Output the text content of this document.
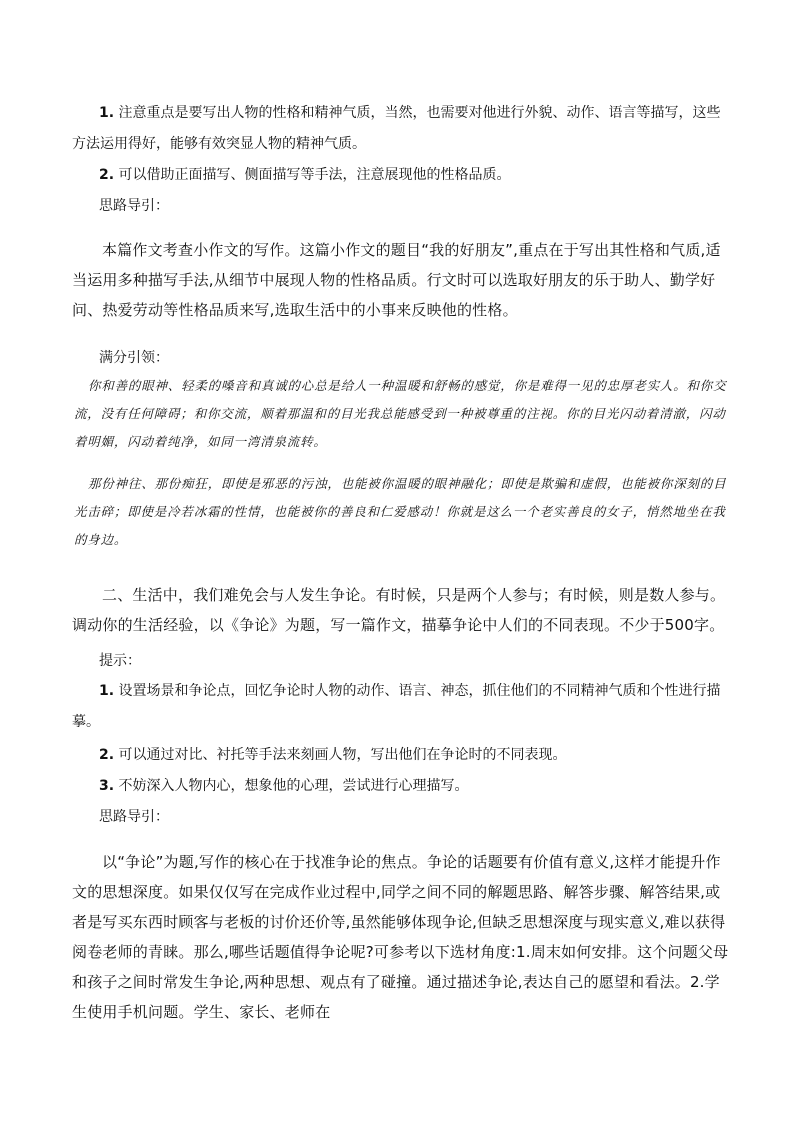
1. 注意重点是要写出人物的性格和精神气质，当然，也需要对他进行外貌、动作、语言等描写，这些方法运用得好，能够有效突显人物的精神气质。

2. 可以借助正面描写、侧面描写等手法，注意展现他的性格品质。

思路导引：

本篇作文考查小作文的写作。这篇小作文的题目“我的好朋友”,重点在于写出其性格和气质,适当运用多种描写手法,从细节中展现人物的性格品质。行文时可以选取好朋友的乐于助人、勤学好问、热爱劳动等性格品质来写,选取生活中的小事来反映他的性格。

满分引领：

你和善的眼神、轻柔的嗓音和真诚的心总是给人一种温暖和舒畅的感觉，你是难得一见的忠厚老实人。和你交流，没有任何障碍；和你交流，顺着那温和的目光我总能感受到一种被尊重的注视。你的目光闪动着清澈，闪动着明媚，闪动着纯净，如同一湾清泉流转。

那份神往、那份痴狂，即使是邪恶的污浊，也能被你温暖的眼神融化；即使是欺骗和虚假，也能被你深刻的目光击碎；即使是冷若冰霜的性情，也能被你的善良和仁爱感动！你就是这么一个老实善良的女子，悄然地坐在我的身边。

二、生活中，我们难免会与人发生争论。有时候，只是两个人参与；有时候，则是数人参与。调动你的生活经验，以《争论》为题，写一篇作文，描摹争论中人们的不同表现。不少于500字。

提示：

1. 设置场景和争论点，回忆争论时人物的动作、语言、神态，抓住他们的不同精神气质和个性进行描摹。

2. 可以通过对比、衬托等手法来刻画人物，写出他们在争论时的不同表现。

3. 不妨深入人物内心，想象他的心理，尝试进行心理描写。

思路导引：

以“争论”为题,写作的核心在于找准争论的焦点。争论的话题要有价值有意义,这样才能提升作文的思想深度。如果仅仅写在完成作业过程中,同学之间不同的解题思路、解答步骤、解答结果,或者是写买东西时顾客与老板的讨价还价等,虽然能够体现争论,但缺乏思想深度与现实意义,难以获得阅卷老师的青睐。那么,哪些话题值得争论呢?可参考以下选材角度:1.周末如何安排。这个问题父母和孩子之间时常发生争论,两种思想、观点有了碰撞。通过描述争论,表达自己的愿望和看法。2.学生使用手机问题。学生、家长、老师在
